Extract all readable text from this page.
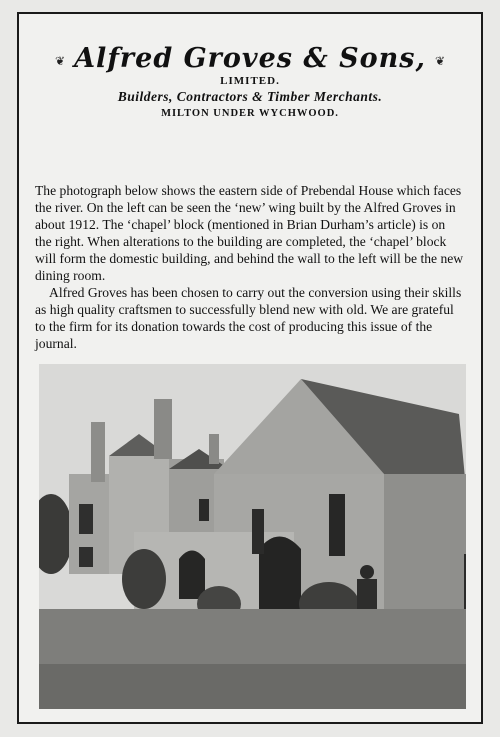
❦	❦
Alfred Groves & Sons,
LIMITED.
Builders, Contractors & Timber Merchants.
MILTON UNDER WYCHWOOD.

The photograph below shows the eastern side of Prebendal House which faces the river. On the left can be seen the ‘new’ wing built by the Alfred Groves in about 1912. The ‘chapel’ block (mentioned in Brian Durham’s article) is on the right. When alterations to the building are completed, the ‘chapel’ block will form the domestic building, and behind the wall to the left will be the new dining room.

Alfred Groves has been chosen to carry out the conversion using their skills as high quality craftsmen to successfully blend new with old. We are grateful to the firm for its donation towards the cost of producing this issue of the journal.
